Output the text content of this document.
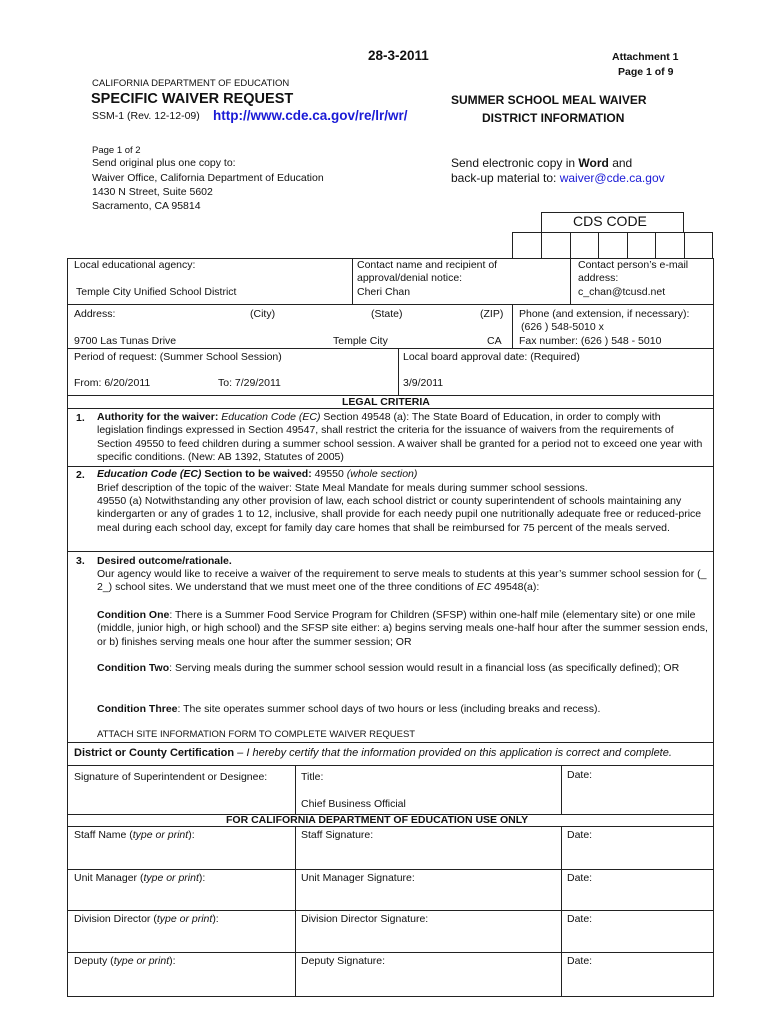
28-3-2011	Attachment 1
Page 1 of 9
CALIFORNIA DEPARTMENT OF EDUCATION
SPECIFIC WAIVER REQUEST
SSM-1 (Rev. 12-12-09) http://www.cde.ca.gov/re/lr/wr/
SUMMER SCHOOL MEAL WAIVER
DISTRICT INFORMATION
Page 1 of 2
Send original plus one copy to:
Waiver Office, California Department of Education
1430 N Street, Suite 5602
Sacramento, CA 95814
Send electronic copy in Word and
back-up material to: waiver@cde.ca.gov
CDS CODE
Local educational agency:
Temple City Unified School District
Contact name and recipient of
approval/denial notice:
Cheri Chan
Contact person’s e-mail
address:
c_chan@tcusd.net
Address:	(City)	(State)	(ZIP)
9700 Las Tunas Drive	Temple City	CA
Phone (and extension, if necessary):
(626 ) 548-5010 x
Fax number: (626 ) 548 - 5010
Period of request: (Summer School Session)
From: 6/20/2011	To: 7/29/2011
Local board approval date: (Required)
3/9/2011
LEGAL CRITERIA
1. Authority for the waiver: Education Code (EC) Section 49548 (a): The State Board of Education, in order to comply with legislation findings expressed in Section 49547, shall restrict the criteria for the issuance of waivers from the requirements of Section 49550 to feed children during a summer school session. A waiver shall be granted for a period not to exceed one year with specific conditions. (New: AB 1392, Statutes of 2005)
2. Education Code (EC) Section to be waived: 49550 (whole section)
Brief description of the topic of the waiver: State Meal Mandate for meals during summer school sessions.
49550 (a) Notwithstanding any other provision of law, each school district or county superintendent of schools maintaining any kindergarten or any of grades 1 to 12, inclusive, shall provide for each needy pupil one nutritionally adequate free or reduced-price meal during each school day, except for family day care homes that shall be reimbursed for 75 percent of the meals served.
3. Desired outcome/rationale.
Our agency would like to receive a waiver of the requirement to serve meals to students at this year’s summer school session for (_ 2_) school sites. We understand that we must meet one of the three conditions of EC 49548(a):
Condition One: There is a Summer Food Service Program for Children (SFSP) within one-half mile (elementary site) or one mile (middle, junior high, or high school) and the SFSP site either: a) begins serving meals one-half hour after the summer session ends, or b) finishes serving meals one hour after the summer session; OR
Condition Two: Serving meals during the summer school session would result in a financial loss (as specifically defined); OR
Condition Three: The site operates summer school days of two hours or less (including breaks and recess).
ATTACH SITE INFORMATION FORM TO COMPLETE WAIVER REQUEST
District or County Certification – I hereby certify that the information provided on this application is correct and complete.
Signature of Superintendent or Designee:	Title:
Chief Business Official
Date:
FOR CALIFORNIA DEPARTMENT OF EDUCATION USE ONLY
Staff Name (type or print):	Staff Signature:	Date:
Unit Manager (type or print):	Unit Manager Signature:	Date:
Division Director (type or print):	Division Director Signature:	Date:
Deputy (type or print):	Deputy Signature:	Date:
